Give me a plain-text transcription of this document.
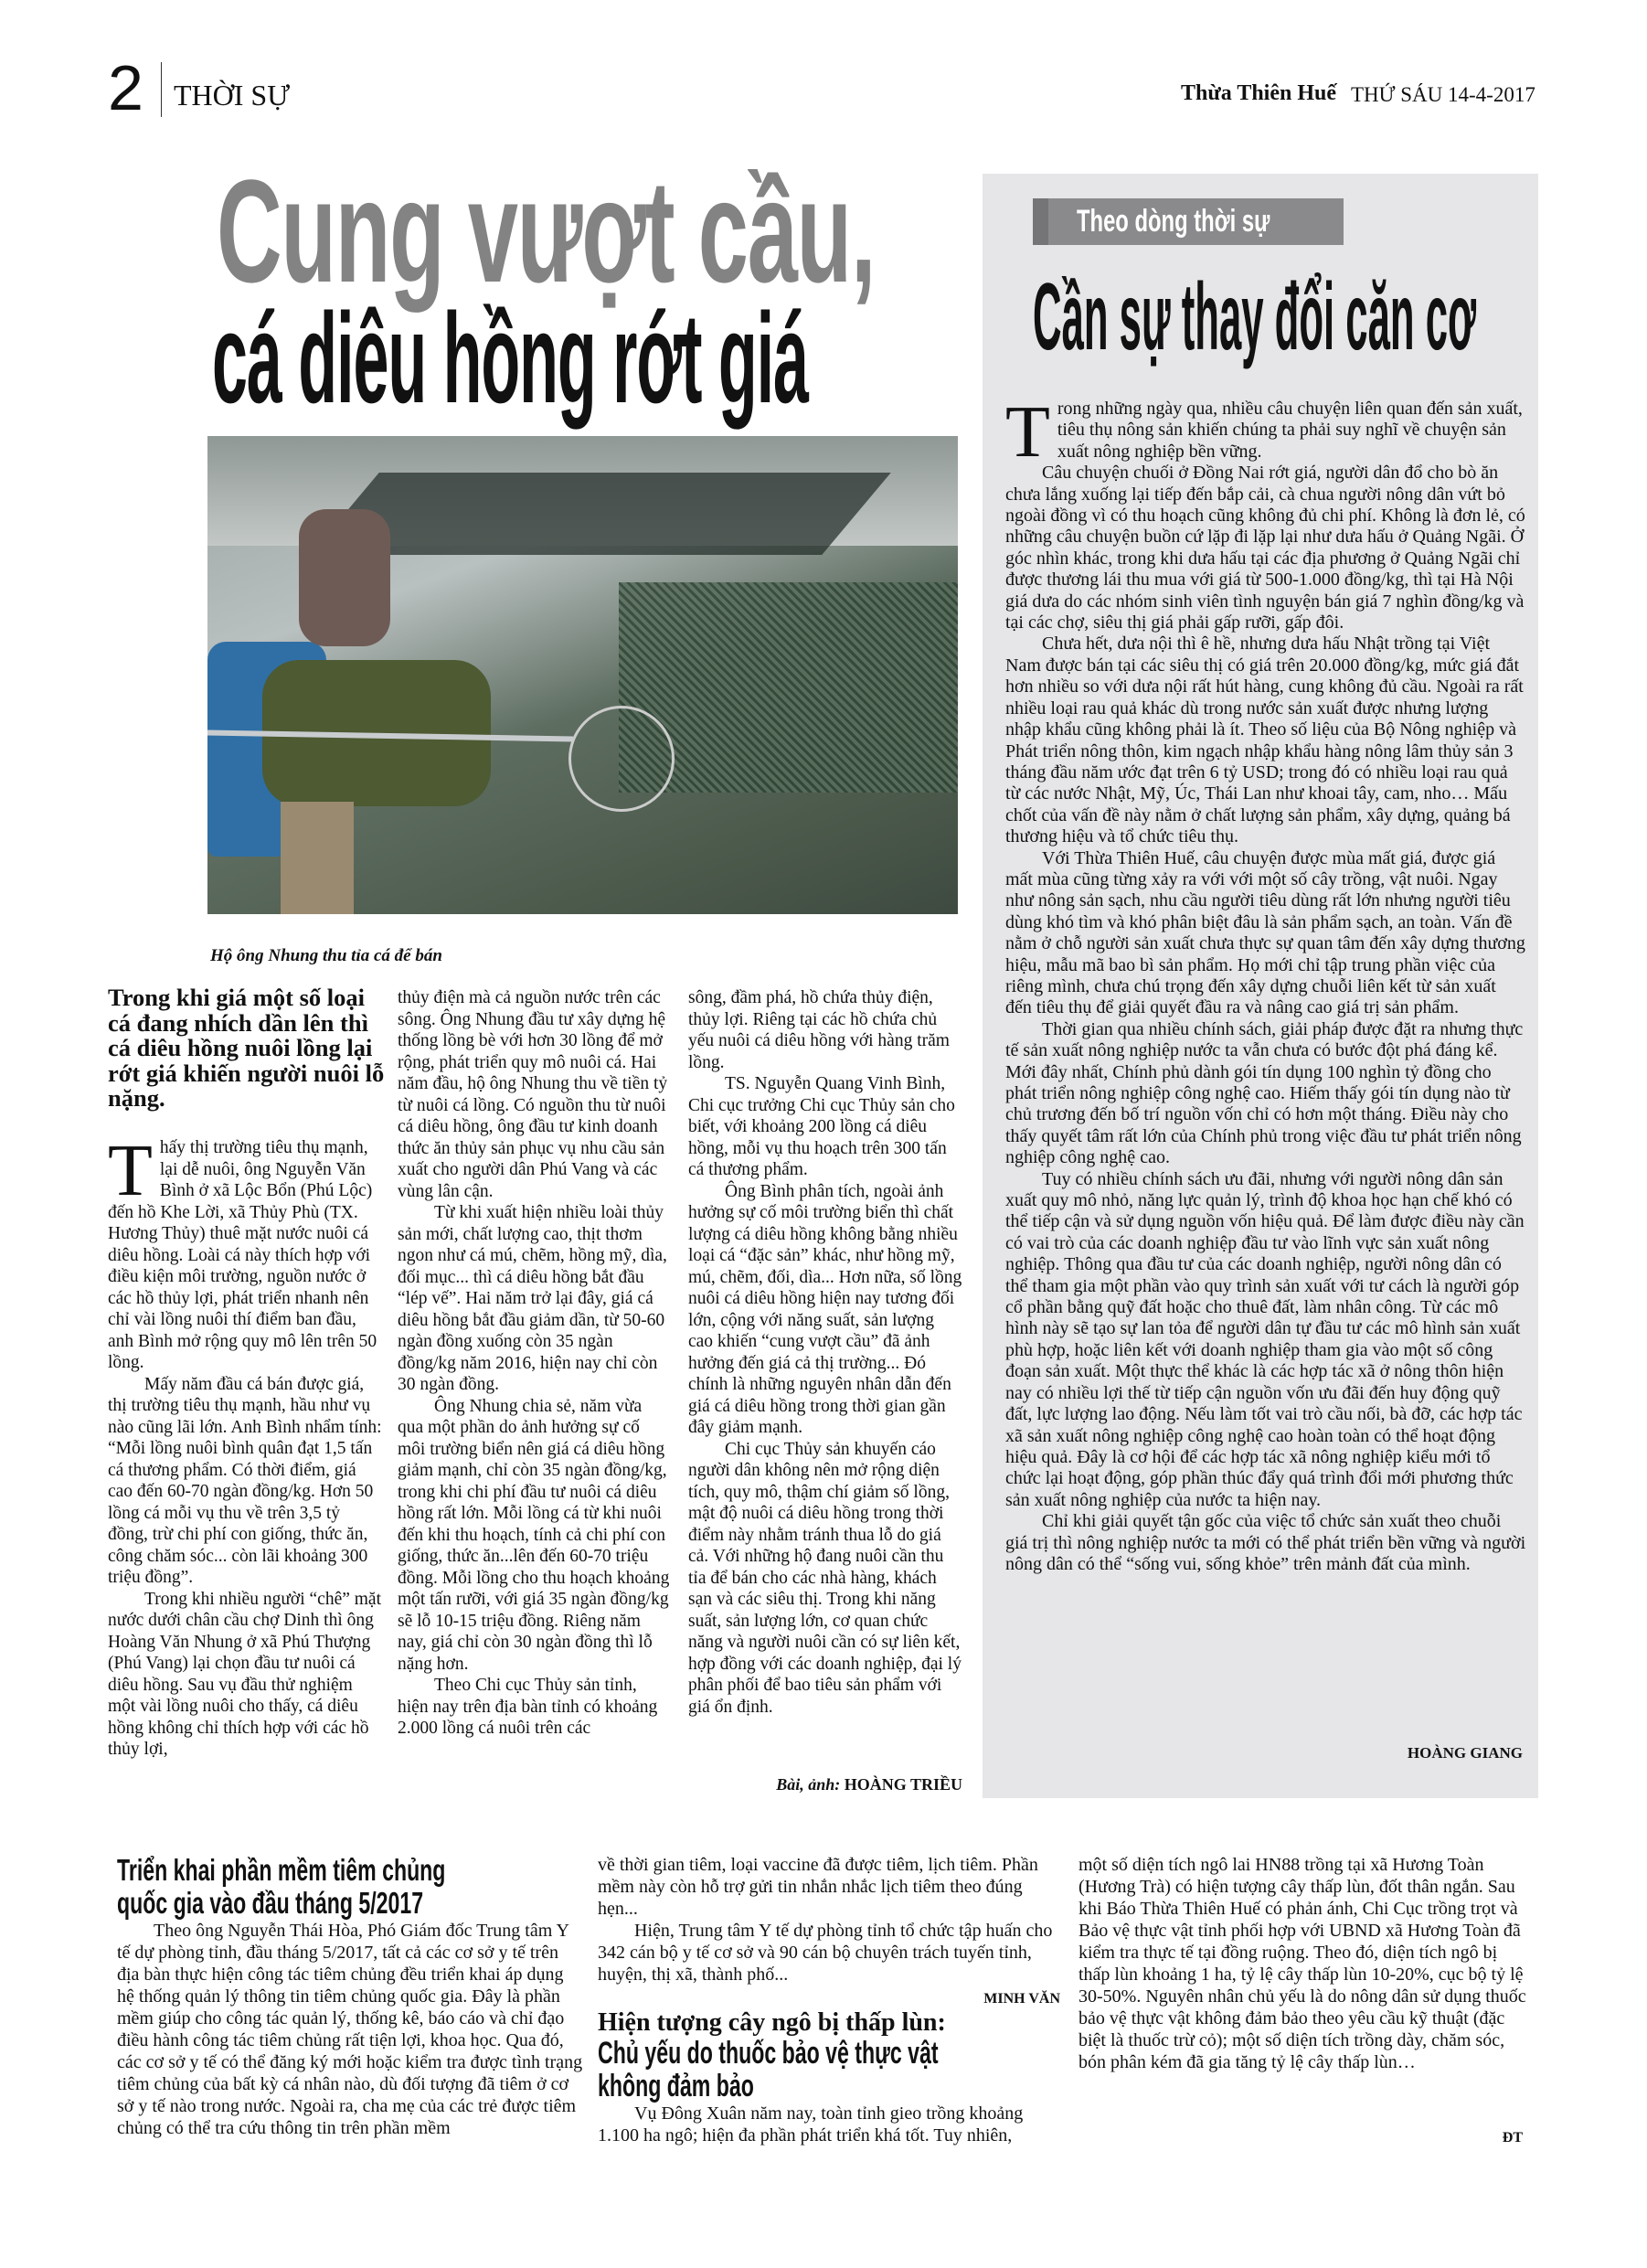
2 THỜI SỰ	Thừa Thiên Huế THỨ SÁU 14-4-2017
Cung vượt cầu,
cá diêu hồng rớt giá
Hộ ông Nhung thu tỉa cá để bán
Trong khi giá một số loại cá đang nhích dần lên thì cá diêu hồng nuôi lồng lại rớt giá khiến người nuôi lỗ nặng.

Thấy thị trường tiêu thụ mạnh, lại dễ nuôi, ông Nguyễn Văn Bình ở xã Lộc Bổn (Phú Lộc) đến hồ Khe Lời, xã Thủy Phù (TX. Hương Thủy) thuê mặt nước nuôi cá diêu hồng. Loài cá này thích hợp với điều kiện môi trường, nguồn nước ở các hồ thủy lợi, phát triển nhanh nên chỉ vài lồng nuôi thí điểm ban đầu, anh Bình mở rộng quy mô lên trên 50 lồng.

Mấy năm đầu cá bán được giá, thị trường tiêu thụ mạnh, hầu như vụ nào cũng lãi lớn. Anh Bình nhẩm tính: “Mỗi lồng nuôi bình quân đạt 1,5 tấn cá thương phẩm. Có thời điểm, giá cao đến 60-70 ngàn đồng/kg. Hơn 50 lồng cá mỗi vụ thu về trên 3,5 tỷ đồng, trừ chi phí con giống, thức ăn, công chăm sóc... còn lãi khoảng 300 triệu đồng”.

Trong khi nhiều người “chê” mặt nước dưới chân cầu chợ Dinh thì ông Hoàng Văn Nhung ở xã Phú Thượng (Phú Vang) lại chọn đầu tư nuôi cá diêu hồng. Sau vụ đầu thử nghiệm một vài lồng nuôi cho thấy, cá diêu hồng không chỉ thích hợp với các hồ thủy lợi,

thủy điện mà cả nguồn nước trên các sông. Ông Nhung đầu tư xây dựng hệ thống lồng bè với hơn 30 lồng để mở rộng, phát triển quy mô nuôi cá. Hai năm đầu, hộ ông Nhung thu về tiền tỷ từ nuôi cá lồng. Có nguồn thu từ nuôi cá diêu hồng, ông đầu tư kinh doanh thức ăn thủy sản phục vụ nhu cầu sản xuất cho người dân Phú Vang và các vùng lân cận.

Từ khi xuất hiện nhiều loài thủy sản mới, chất lượng cao, thịt thơm ngon như cá mú, chẽm, hồng mỹ, dìa, đối mục... thì cá diêu hồng bắt đầu “lép vế”. Hai năm trở lại đây, giá cá diêu hồng bắt đầu giảm dần, từ 50-60 ngàn đồng xuống còn 35 ngàn đồng/kg năm 2016, hiện nay chỉ còn 30 ngàn đồng.

Ông Nhung chia sẻ, năm vừa qua một phần do ảnh hưởng sự cố môi trường biển nên giá cá diêu hồng giảm mạnh, chỉ còn 35 ngàn đồng/kg, trong khi chi phí đầu tư nuôi cá diêu hồng rất lớn. Mỗi lồng cá từ khi nuôi đến khi thu hoạch, tính cả chi phí con giống, thức ăn...lên đến 60-70 triệu đồng. Mỗi lồng cho thu hoạch khoảng một tấn rưỡi, với giá 35 ngàn đồng/kg sẽ lỗ 10-15 triệu đồng. Riêng năm nay, giá chỉ còn 30 ngàn đồng thì lỗ nặng hơn.

Theo Chi cục Thủy sản tỉnh, hiện nay trên địa bàn tỉnh có khoảng 2.000 lồng cá nuôi trên các

sông, đầm phá, hồ chứa thủy điện, thủy lợi. Riêng tại các hồ chứa chủ yếu nuôi cá diêu hồng với hàng trăm lồng.

TS. Nguyễn Quang Vinh Bình, Chi cục trưởng Chi cục Thủy sản cho biết, với khoảng 200 lồng cá diêu hồng, mỗi vụ thu hoạch trên 300 tấn cá thương phẩm.

Ông Bình phân tích, ngoài ảnh hưởng sự cố môi trường biển thì chất lượng cá diêu hồng không bằng nhiều loại cá “đặc sản” khác, như hồng mỹ, mú, chẽm, đối, dìa... Hơn nữa, số lồng nuôi cá diêu hồng hiện nay tương đối lớn, cộng với năng suất, sản lượng cao khiến “cung vượt cầu” đã ảnh hưởng đến giá cả thị trường... Đó chính là những nguyên nhân dẫn đến giá cá diêu hồng trong thời gian gần đây giảm mạnh.

Chi cục Thủy sản khuyến cáo người dân không nên mở rộng diện tích, quy mô, thậm chí giảm số lồng, mật độ nuôi cá diêu hồng trong thời điểm này nhằm tránh thua lỗ do giá cả. Với những hộ đang nuôi cần thu tỉa để bán cho các nhà hàng, khách sạn và các siêu thị. Trong khi năng suất, sản lượng lớn, cơ quan chức năng và người nuôi cần có sự liên kết, hợp đồng với các doanh nghiệp, đại lý phân phối để bao tiêu sản phẩm với giá ổn định.

Bài, ảnh: HOÀNG TRIỀU
Theo dòng thời sự
Cần sự thay đổi căn cơ

Trong những ngày qua, nhiều câu chuyện liên quan đến sản xuất, tiêu thụ nông sản khiến chúng ta phải suy nghĩ về chuyện sản xuất nông nghiệp bền vững.

Câu chuyện chuối ở Đồng Nai rớt giá, người dân đổ cho bò ăn chưa lắng xuống lại tiếp đến bắp cải, cà chua người nông dân vứt bỏ ngoài đồng vì có thu hoạch cũng không đủ chi phí. Không là đơn lẻ, có những câu chuyện buồn cứ lặp đi lặp lại như dưa hấu ở Quảng Ngãi. Ở góc nhìn khác, trong khi dưa hấu tại các địa phương ở Quảng Ngãi chỉ được thương lái thu mua với giá từ 500-1.000 đồng/kg, thì tại Hà Nội giá dưa do các nhóm sinh viên tình nguyện bán giá 7 nghìn đồng/kg và tại các chợ, siêu thị giá phải gấp rưỡi, gấp đôi.

Chưa hết, dưa nội thì ê hề, nhưng dưa hấu Nhật trồng tại Việt Nam được bán tại các siêu thị có giá trên 20.000 đồng/kg, mức giá đắt hơn nhiều so với dưa nội rất hút hàng, cung không đủ cầu. Ngoài ra rất nhiều loại rau quả khác dù trong nước sản xuất được nhưng lượng nhập khẩu cũng không phải là ít. Theo số liệu của Bộ Nông nghiệp và Phát triển nông thôn, kim ngạch nhập khẩu hàng nông lâm thủy sản 3 tháng đầu năm ước đạt trên 6 tỷ USD; trong đó có nhiều loại rau quả từ các nước Nhật, Mỹ, Úc, Thái Lan như khoai tây, cam, nho… Mấu chốt của vấn đề này nằm ở chất lượng sản phẩm, xây dựng, quảng bá thương hiệu và tổ chức tiêu thụ.

Với Thừa Thiên Huế, câu chuyện được mùa mất giá, được giá mất mùa cũng từng xảy ra với với một số cây trồng, vật nuôi. Ngay như nông sản sạch, nhu cầu người tiêu dùng rất lớn nhưng người tiêu dùng khó tìm và khó phân biệt đâu là sản phẩm sạch, an toàn. Vấn đề nằm ở chỗ người sản xuất chưa thực sự quan tâm đến xây dựng thương hiệu, mẫu mã bao bì sản phẩm. Họ mới chỉ tập trung phần việc của riêng mình, chưa chú trọng đến xây dựng chuỗi liên kết từ sản xuất đến tiêu thụ để giải quyết đầu ra và nâng cao giá trị sản phẩm.

Thời gian qua nhiều chính sách, giải pháp được đặt ra nhưng thực tế sản xuất nông nghiệp nước ta vẫn chưa có bước đột phá đáng kể. Mới đây nhất, Chính phủ dành gói tín dụng 100 nghìn tỷ đồng cho phát triển nông nghiệp công nghệ cao. Hiếm thấy gói tín dụng nào từ chủ trương đến bố trí nguồn vốn chỉ có hơn một tháng. Điều này cho thấy quyết tâm rất lớn của Chính phủ trong việc đầu tư phát triển nông nghiệp công nghệ cao.

Tuy có nhiều chính sách ưu đãi, nhưng với người nông dân sản xuất quy mô nhỏ, năng lực quản lý, trình độ khoa học hạn chế khó có thể tiếp cận và sử dụng nguồn vốn hiệu quả. Để làm được điều này cần có vai trò của các doanh nghiệp đầu tư vào lĩnh vực sản xuất nông nghiệp. Thông qua đầu tư của các doanh nghiệp, người nông dân có thể tham gia một phần vào quy trình sản xuất với tư cách là người góp cổ phần bằng quỹ đất hoặc cho thuê đất, làm nhân công. Từ các mô hình này sẽ tạo sự lan tỏa để người dân tự đầu tư các mô hình sản xuất phù hợp, hoặc liên kết với doanh nghiệp tham gia vào một số công đoạn sản xuất. Một thực thể khác là các hợp tác xã ở nông thôn hiện nay có nhiều lợi thế từ tiếp cận nguồn vốn ưu đãi đến huy động quỹ đất, lực lượng lao động. Nếu làm tốt vai trò cầu nối, bà đỡ, các hợp tác xã sản xuất nông nghiệp công nghệ cao hoàn toàn có thể hoạt động hiệu quả. Đây là cơ hội để các hợp tác xã nông nghiệp kiểu mới tổ chức lại hoạt động, góp phần thúc đẩy quá trình đổi mới phương thức sản xuất nông nghiệp của nước ta hiện nay.

Chỉ khi giải quyết tận gốc của việc tổ chức sản xuất theo chuỗi giá trị thì nông nghiệp nước ta mới có thể phát triển bền vững và người nông dân có thể “sống vui, sống khỏe” trên mảnh đất của mình.

HOÀNG GIANG
Triển khai phần mềm tiêm chủng quốc gia vào đầu tháng 5/2017

Theo ông Nguyễn Thái Hòa, Phó Giám đốc Trung tâm Y tế dự phòng tỉnh, đầu tháng 5/2017, tất cả các cơ sở y tế trên địa bàn thực hiện công tác tiêm chủng đều triển khai áp dụng hệ thống quản lý thông tin tiêm chủng quốc gia. Đây là phần mềm giúp cho công tác quản lý, thống kê, báo cáo và chỉ đạo điều hành công tác tiêm chủng rất tiện lợi, khoa học. Qua đó, các cơ sở y tế có thể đăng ký mới hoặc kiểm tra được tình trạng tiêm chủng của bất kỳ cá nhân nào, dù đối tượng đã tiêm ở cơ sở y tế nào trong nước. Ngoài ra, cha mẹ của các trẻ được tiêm chủng có thể tra cứu thông tin trên phần mềm

về thời gian tiêm, loại vaccine đã được tiêm, lịch tiêm. Phần mềm này còn hỗ trợ gửi tin nhắn nhắc lịch tiêm theo đúng hẹn...

Hiện, Trung tâm Y tế dự phòng tỉnh tổ chức tập huấn cho 342 cán bộ y tế cơ sở và 90 cán bộ chuyên trách tuyến tỉnh, huyện, thị xã, thành phố...

MINH VĂN
Hiện tượng cây ngô bị thấp lùn:
Chủ yếu do thuốc bảo vệ thực vật không đảm bảo

Vụ Đông Xuân năm nay, toàn tỉnh gieo trồng khoảng 1.100 ha ngô; hiện đa phần phát triển khá tốt. Tuy nhiên,

một số diện tích ngô lai HN88 trồng tại xã Hương Toàn (Hương Trà) có hiện tượng cây thấp lùn, đốt thân ngắn. Sau khi Báo Thừa Thiên Huế có phản ánh, Chi Cục trồng trọt và Bảo vệ thực vật tỉnh phối hợp với UBND xã Hương Toàn đã kiểm tra thực tế tại đồng ruộng. Theo đó, diện tích ngô bị thấp lùn khoảng 1 ha, tỷ lệ cây thấp lùn 10-20%, cục bộ tỷ lệ 30-50%. Nguyên nhân chủ yếu là do nông dân sử dụng thuốc bảo vệ thực vật không đảm bảo theo yêu cầu kỹ thuật (đặc biệt là thuốc trừ cỏ); một số diện tích trồng dày, chăm sóc, bón phân kém đã gia tăng tỷ lệ cây thấp lùn…

ĐT
